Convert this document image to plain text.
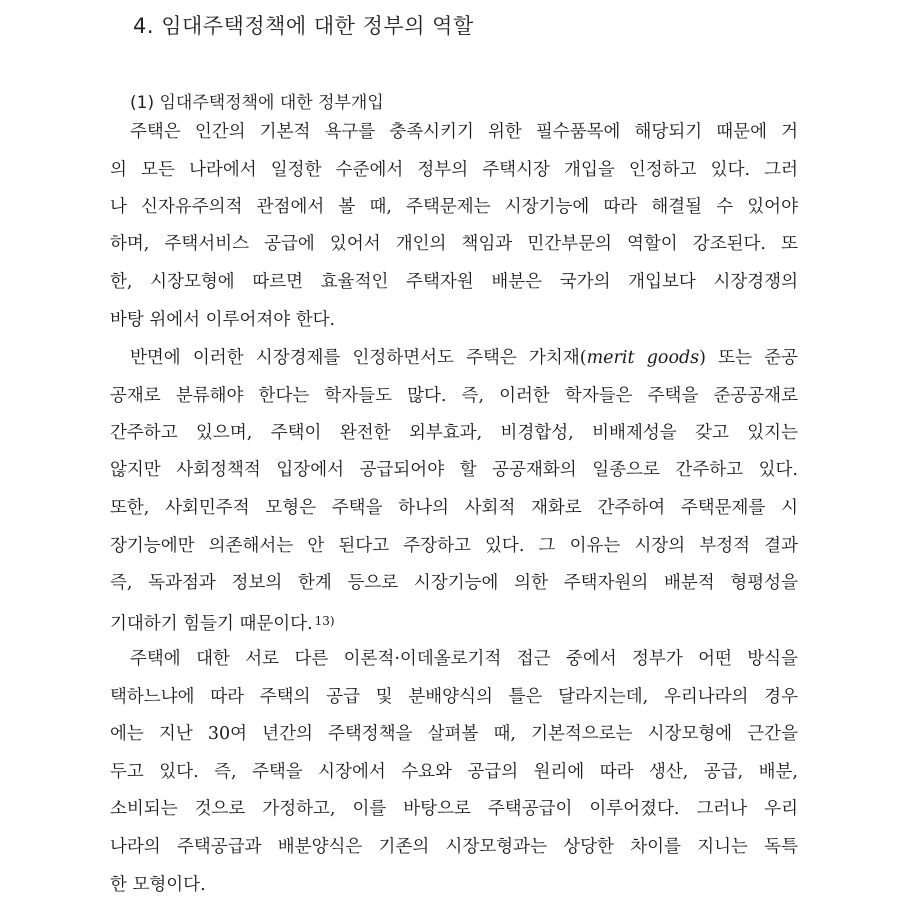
4. 임대주택정책에 대한 정부의 역할
(1) 임대주택정책에 대한 정부개입
주택은 인간의 기본적 욕구를 충족시키기 위한 필수품목에 해당되기 때문에 거
의 모든 나라에서 일정한 수준에서 정부의 주택시장 개입을 인정하고 있다. 그러
나 신자유주의적 관점에서 볼 때, 주택문제는 시장기능에 따라 해결될 수 있어야
하며, 주택서비스 공급에 있어서 개인의 책임과 민간부문의 역할이 강조된다. 또
한, 시장모형에 따르면 효율적인 주택자원 배분은 국가의 개입보다 시장경쟁의
바탕 위에서 이루어져야 한다.
반면에 이러한 시장경제를 인정하면서도 주택은 가치재(merit goods) 또는 준공
공재로 분류해야 한다는 학자들도 많다. 즉, 이러한 학자들은 주택을 준공공재로
간주하고 있으며, 주택이 완전한 외부효과, 비경합성, 비배제성을 갖고 있지는
않지만 사회정책적 입장에서 공급되어야 할 공공재화의 일종으로 간주하고 있다.
또한, 사회민주적 모형은 주택을 하나의 사회적 재화로 간주하여 주택문제를 시
장기능에만 의존해서는 안 된다고 주장하고 있다. 그 이유는 시장의 부정적 결과
즉, 독과점과 정보의 한계 등으로 시장기능에 의한 주택자원의 배분적 형평성을
기대하기 힘들기 때문이다. $^{13)}$
주택에 대한 서로 다른 이론적·이데올로기적 접근 중에서 정부가 어떤 방식을
택하느냐에 따라 주택의 공급 및 분배양식의 틀은 달라지는데, 우리나라의 경우
에는 지난 30여 년간의 주택정책을 살펴볼 때, 기본적으로는 시장모형에 근간을
두고 있다. 즉, 주택을 시장에서 수요와 공급의 원리에 따라 생산, 공급, 배분,
소비되는 것으로 가정하고, 이를 바탕으로 주택공급이 이루어졌다. 그러나 우리
나라의 주택공급과 배분양식은 기존의 시장모형과는 상당한 차이를 지니는 독특
한 모형이다.
